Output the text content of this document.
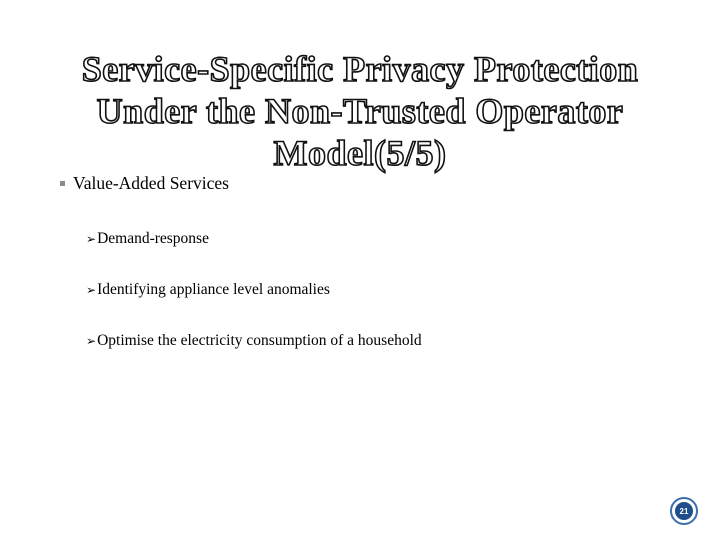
Service-Specific Privacy Protection
Under the Non-Trusted Operator
Model(5/5)
Value-Added Services
➢ Demand-response
➢ Identifying appliance level anomalies
➢ Optimise the electricity consumption of a household
21
